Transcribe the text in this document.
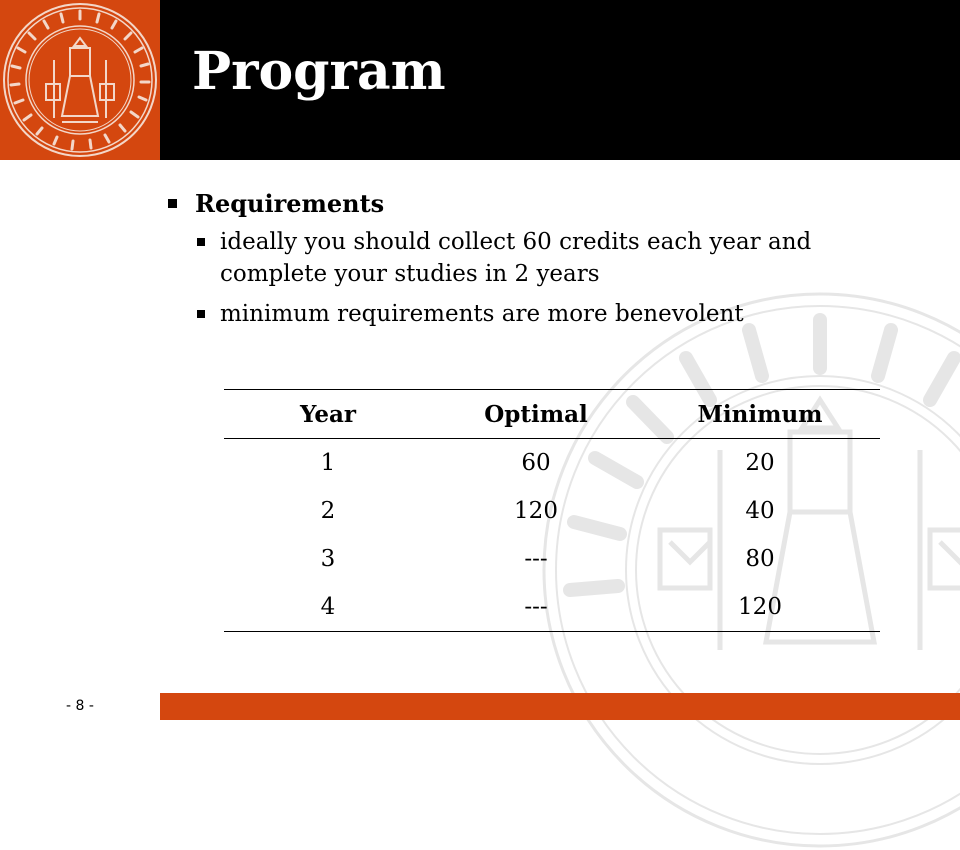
Program
Requirements
ideally you should collect 60 credits each year and complete your studies in 2 years
minimum requirements are more benevolent
Year	Optimal	Minimum
1	60	20
2	120	40
3	---	80
4	---	120
- 8 -
